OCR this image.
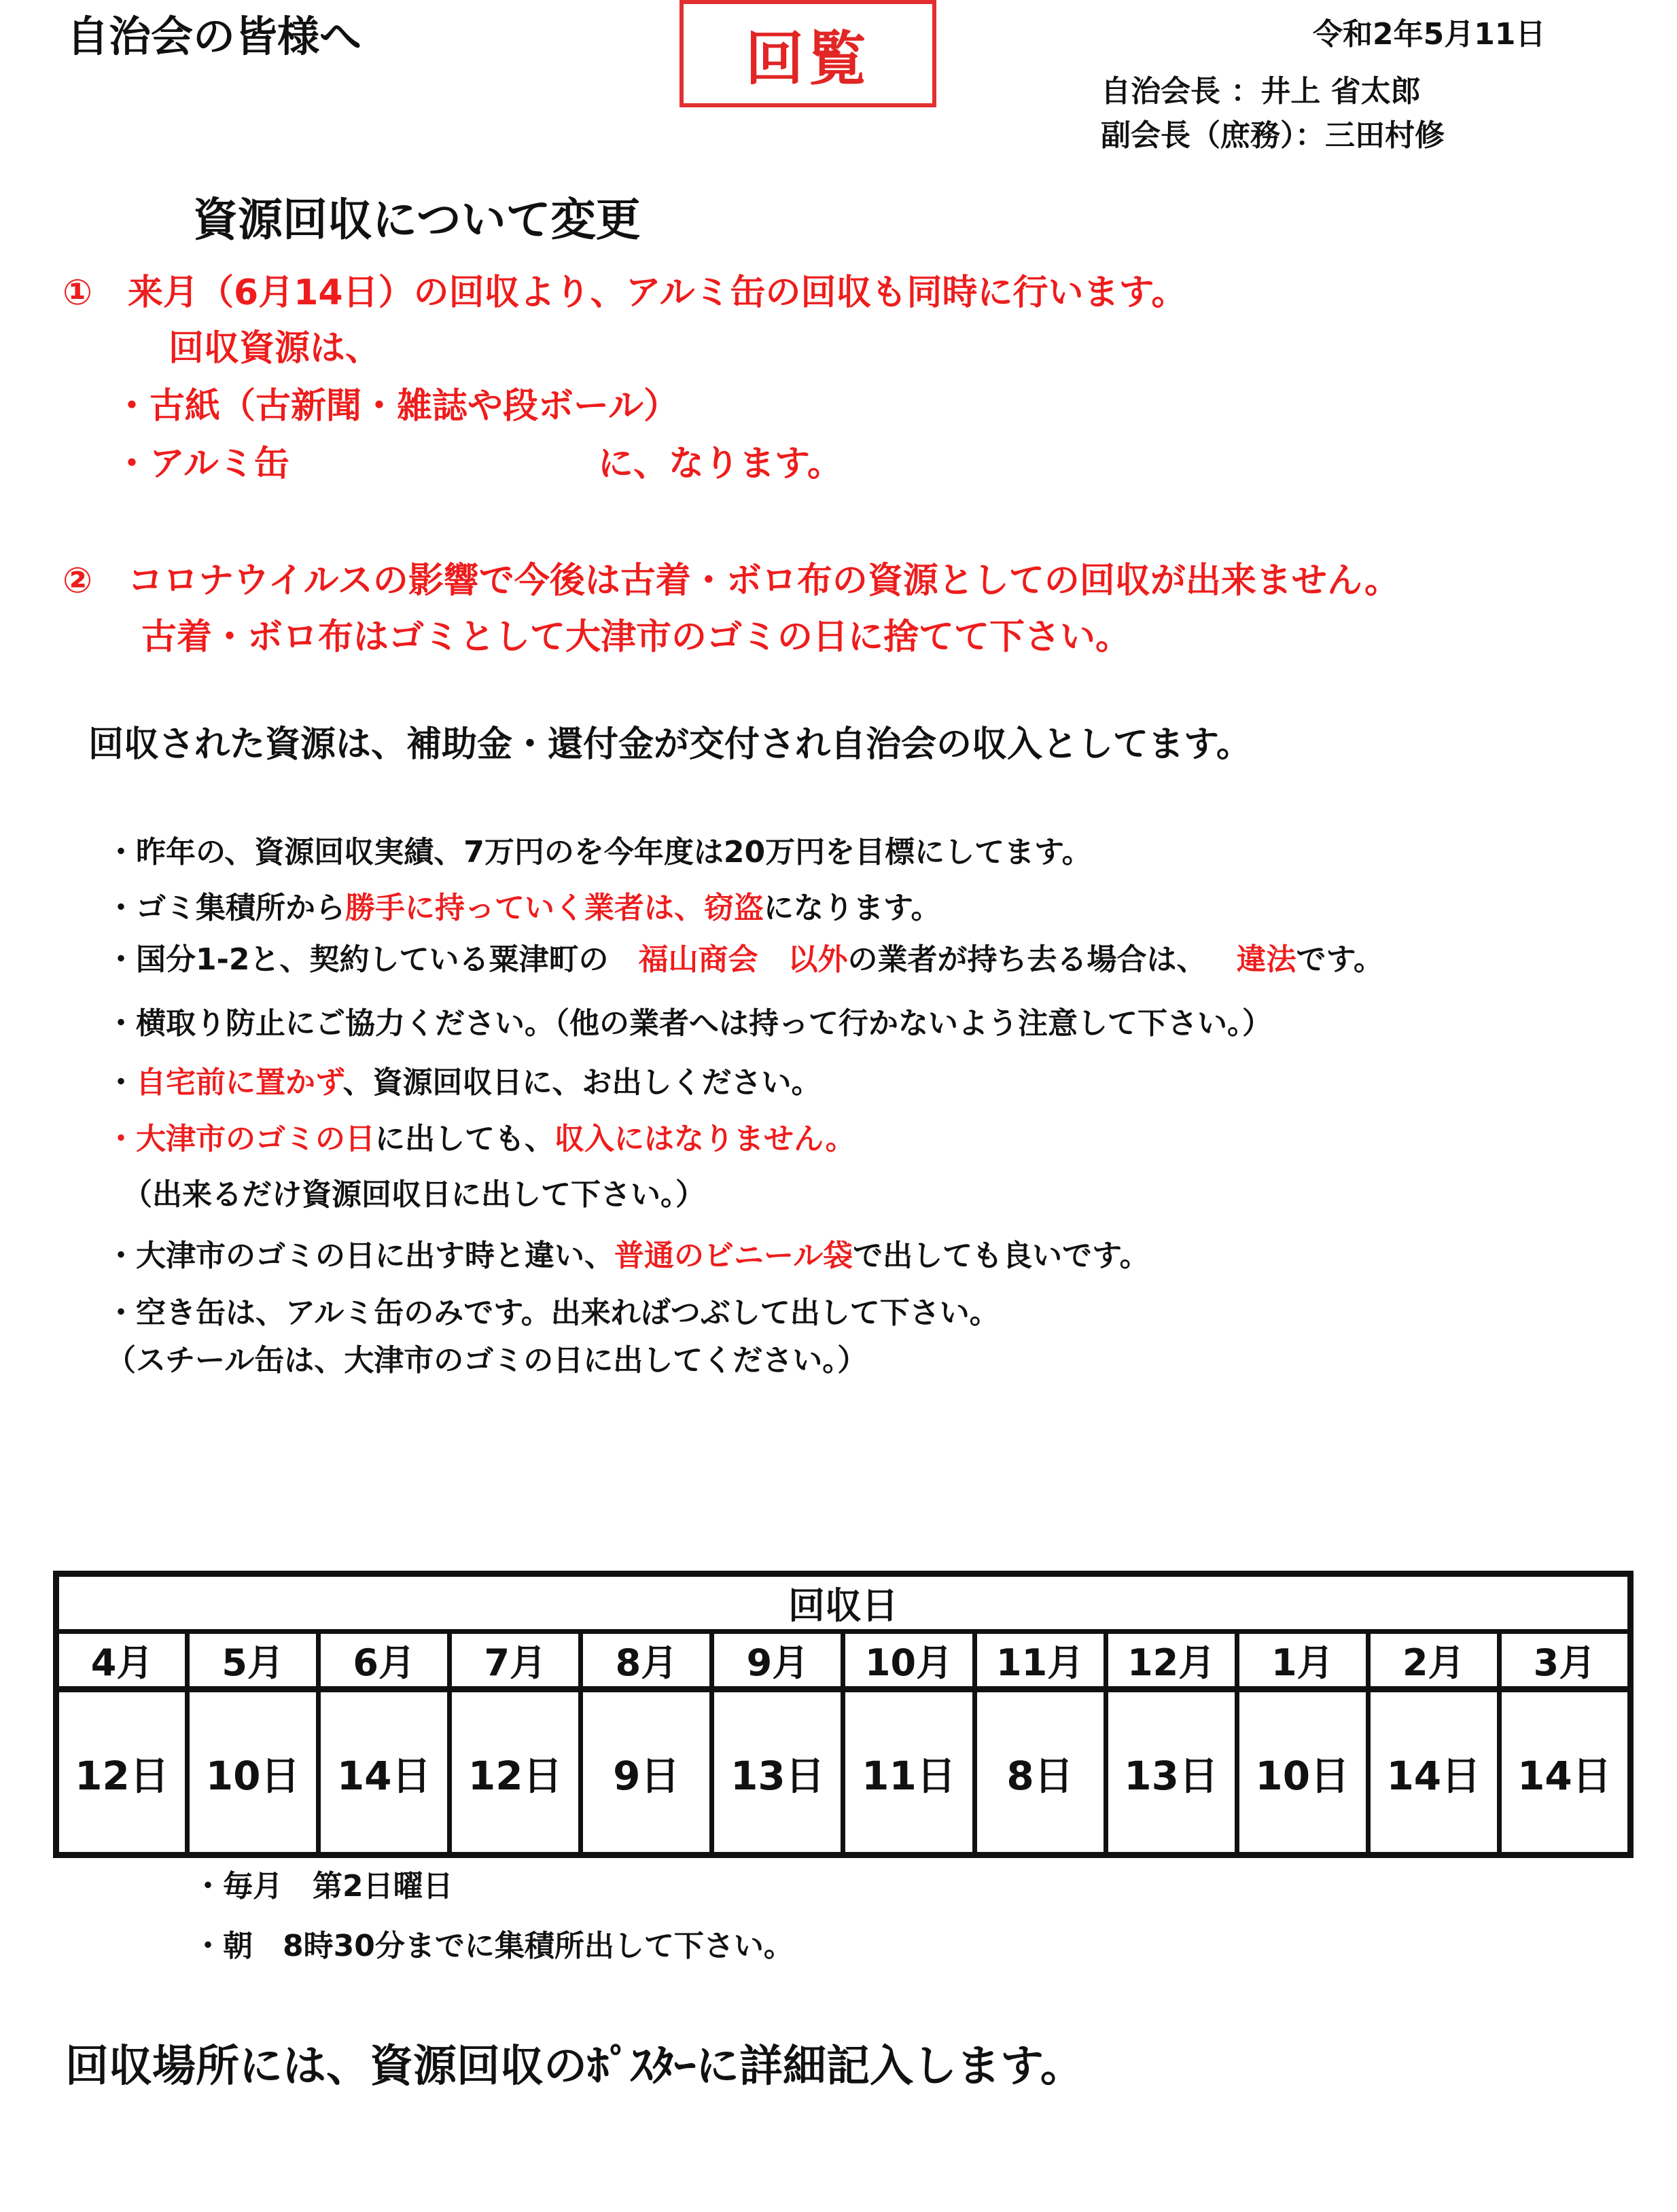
自治会の皆様へ	回覧	令和2年5月11日
自治会長 ：井上 省太郎
副会長（庶務）：三田村修
資源回収について変更
①　来月（6月14日）の回収より、アルミ缶の回収も同時に行います。
回収資源は、
・古紙（古新聞・雑誌や段ボール）
・アルミ缶	に、なります。
②　コロナウイルスの影響で今後は古着・ボロ布の資源としての回収が出来ません。
古着・ボロ布はゴミとして大津市のゴミの日に捨てて下さい。
回収された資源は、補助金・還付金が交付され自治会の収入としてます。
・昨年の、資源回収実績、7万円のを今年度は20万円を目標にしてます。
・ゴミ集積所から勝手に持っていく業者は、窃盗になります。
・国分1-2と、契約している粟津町の 福山商会 以外の業者が持ち去る場合は、 違法です。
・横取り防止にご協力ください。（他の業者へは持って行かないよう注意して下さい。）
・自宅前に置かず、資源回収日に、お出しください。
・大津市のゴミの日に出しても、収入にはなりません。
（出来るだけ資源回収日に出して下さい。）
・大津市のゴミの日に出す時と違い、普通のビニール袋で出しても良いです。
・空き缶は、アルミ缶のみです。出来ればつぶして出して下さい。
（スチール缶は、大津市のゴミの日に出してください。）
回収日											
4月	5月	6月	7月	8月	9月	10月	11月	12月	1月	2月	3月
12日	10日	14日	12日	9日	13日	11日	8日	13日	10日	14日	14日
・毎月　第2日曜日
・朝　8時30分までに集積所出して下さい。
回収場所には、資源回収のﾎﾟｽﾀｰに詳細記入します。
